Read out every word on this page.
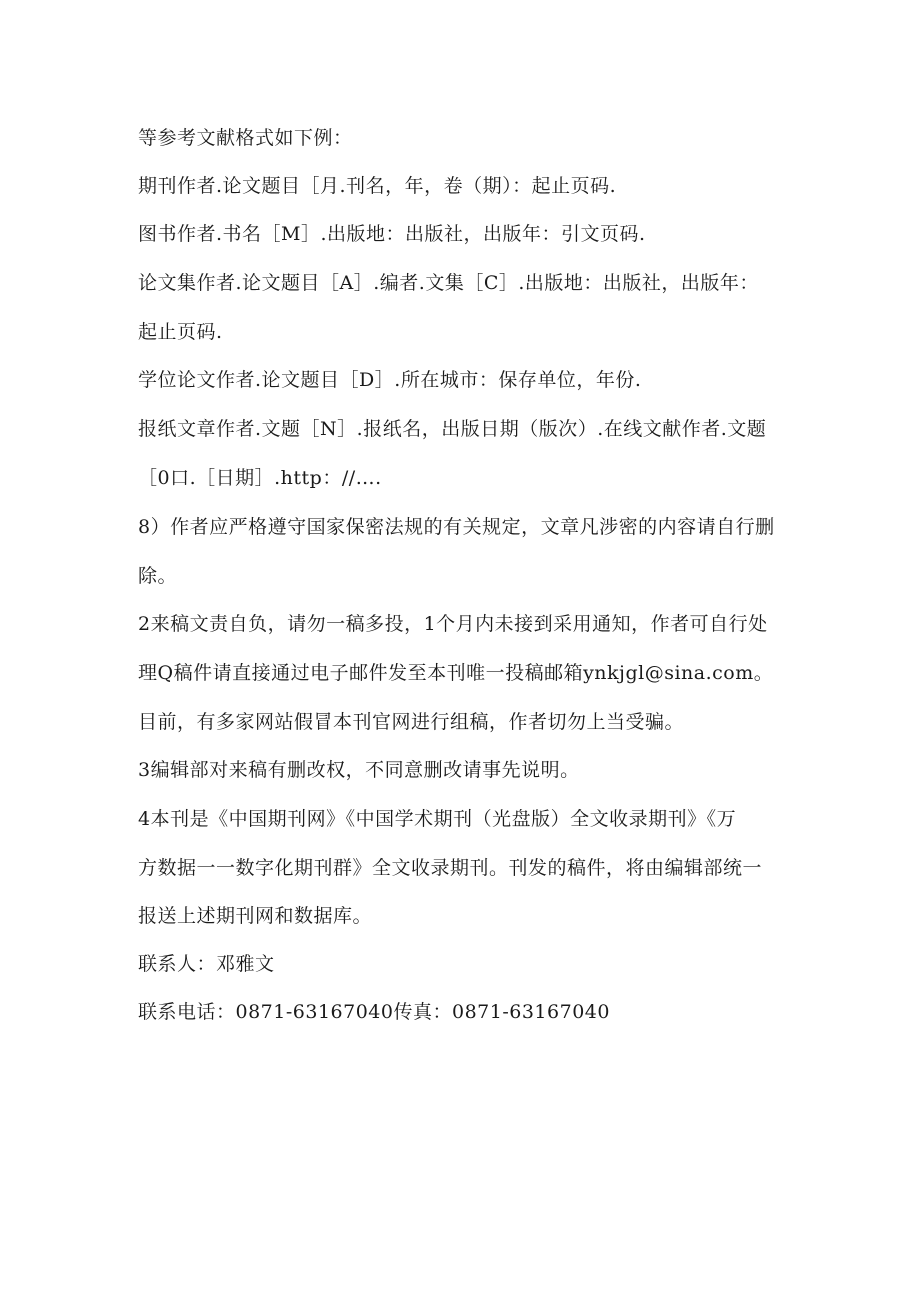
等参考文献格式如下例：
期刊作者.论文题目［月.刊名，年，卷（期）：起止页码.
图书作者.书名［M］.出版地：出版社，出版年：引文页码.
论文集作者.论文题目［A］.编者.文集［C］.出版地：出版社，出版年：
起止页码.
学位论文作者.论文题目［D］.所在城市：保存单位，年份.
报纸文章作者.文题［N］.报纸名，出版日期（版次）.在线文献作者.文题
［0口.［日期］.http：//….
8）作者应严格遵守国家保密法规的有关规定，文章凡涉密的内容请自行删
除。
2来稿文责自负，请勿一稿多投，1个月内未接到采用通知，作者可自行处
理Q稿件请直接通过电子邮件发至本刊唯一投稿邮箱ynkjgl@sina.com。
目前，有多家网站假冒本刊官网进行组稿，作者切勿上当受骗。
3编辑部对来稿有删改权，不同意删改请事先说明。
4本刊是《中国期刊网》《中国学术期刊（光盘版）全文收录期刊》《万
方数据一一数字化期刊群》全文收录期刊。刊发的稿件，将由编辑部统一
报送上述期刊网和数据库。
联系人：邓雅文
联系电话：0871-63167040传真：0871-63167040
